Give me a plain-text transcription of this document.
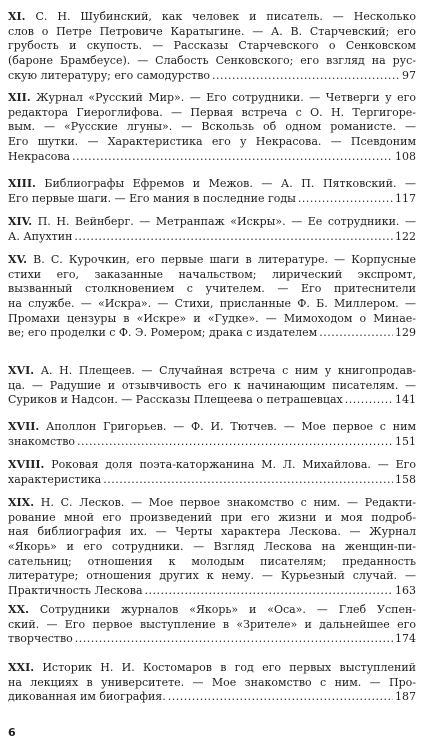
XI. С. Н. Шубинский, как человек и писатель. — Несколько
слов о Петре Петровиче Каратыгине. — А. В. Старчевский; его
грубость и скупость. — Рассказы Старчевского о Сенковском
(бароне Брамбеусе). — Слабость Сенковского; его взгляд на рус-
скую литературу; его самодурство .....	97
XII. Журнал «Русский Мир». — Его сотрудники. — Четверги у его
редактора Гиероглифова. — Первая встреча с О. Н. Тергигоре-
вым. — «Русские лгуны». — Вскользь об одном романисте. —
Его шутки. — Характеристика его у Некрасова. — Псевдоним
Некрасова .....	108
XIII. Библиографы Ефремов и Межов. — А. П. Пятковский. —
Его первые шаги. — Его мания в последние годы .....	117
XIV. П. Н. Вейнберг. — Метранпаж «Искры». — Ее сотрудники. —
А. Апухтин .....	122
XV. В. С. Курочкин, его первые шаги в литературе. — Корпусные
стихи его, заказанные начальством; лирический экспромт,
вызванный столкновением с учителем. — Его притеснители
на службе. — «Искра». — Стихи, присланные Ф. Б. Миллером. —
Промахи цензуры в «Искре» и «Гудке». — Мимоходом о Минае-
ве; его проделки с Ф. Э. Ромером; драка с издателем .....	129
XVI. А. Н. Плещеев. — Случайная встреча с ним у книгопродав-
ца. — Радушие и отзывчивость его к начинающим писателям. —
Суриков и Надсон. — Рассказы Плещеева о петрашевцах .....	141
XVII. Аполлон Григорьев. — Ф. И. Тютчев. — Мое первое с ним
знакомство .....	151
XVIII. Роковая доля поэта-каторжанина М. Л. Михайлова. — Его
характеристика .....	158
XIX. Н. С. Лесков. — Мое первое знакомство с ним. — Редакти-
рование мной его произведений при его жизни и моя подроб-
ная библиография их. — Черты характера Лескова. — Журнал
«Якорь» и его сотрудники. — Взгляд Лескова на женщин-пи-
сательниц; отношения к молодым писателям; преданность
литературе; отношения других к нему. — Курьезный случай. —
Практичность Лескова .....	163
XX. Сотрудники журналов «Якорь» и «Оса». — Глеб Успен-
ский. — Его первое выступление в «Зрителе» и дальнейшее его
творчество .....	174
XXI. Историк Н. И. Костомаров в год его первых выступлений
на лекциях в университете. — Мое знакомство с ним. — Про-
дикованная им биография. .....	187
6
